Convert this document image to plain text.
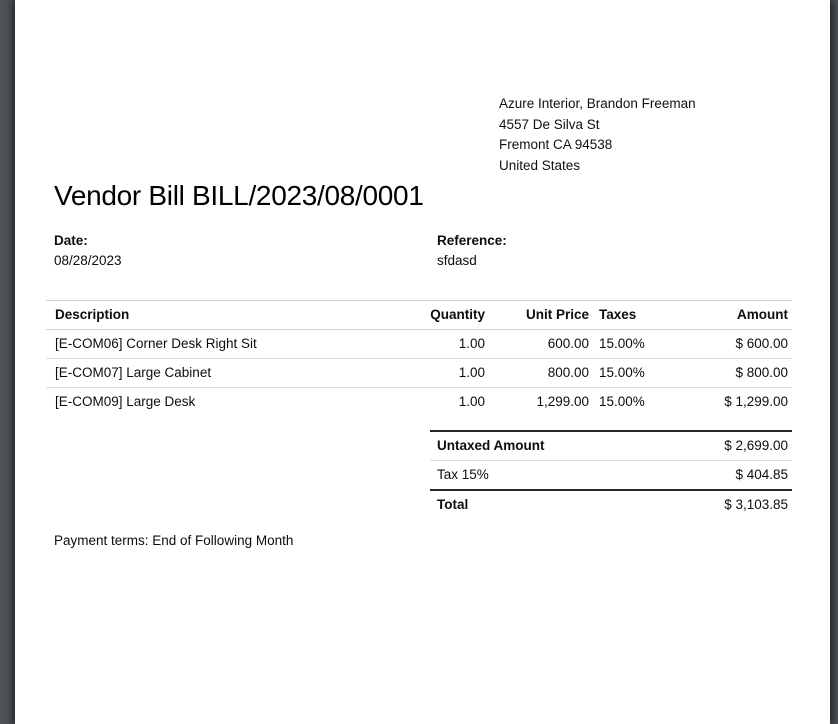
Azure Interior, Brandon Freeman
4557 De Silva St
Fremont CA 94538
United States
Vendor Bill BILL/2023/08/0001
Date:
08/28/2023
Reference:
sfdasd
Description	Quantity	Unit Price	Taxes	Amount
[E-COM06] Corner Desk Right Sit	1.00	600.00	15.00%	$ 600.00
[E-COM07] Large Cabinet	1.00	800.00	15.00%	$ 800.00
[E-COM09] Large Desk	1.00	1,299.00	15.00%	$ 1,299.00
Untaxed Amount	$ 2,699.00
Tax 15%	$ 404.85
Total	$ 3,103.85
Payment terms: End of Following Month
